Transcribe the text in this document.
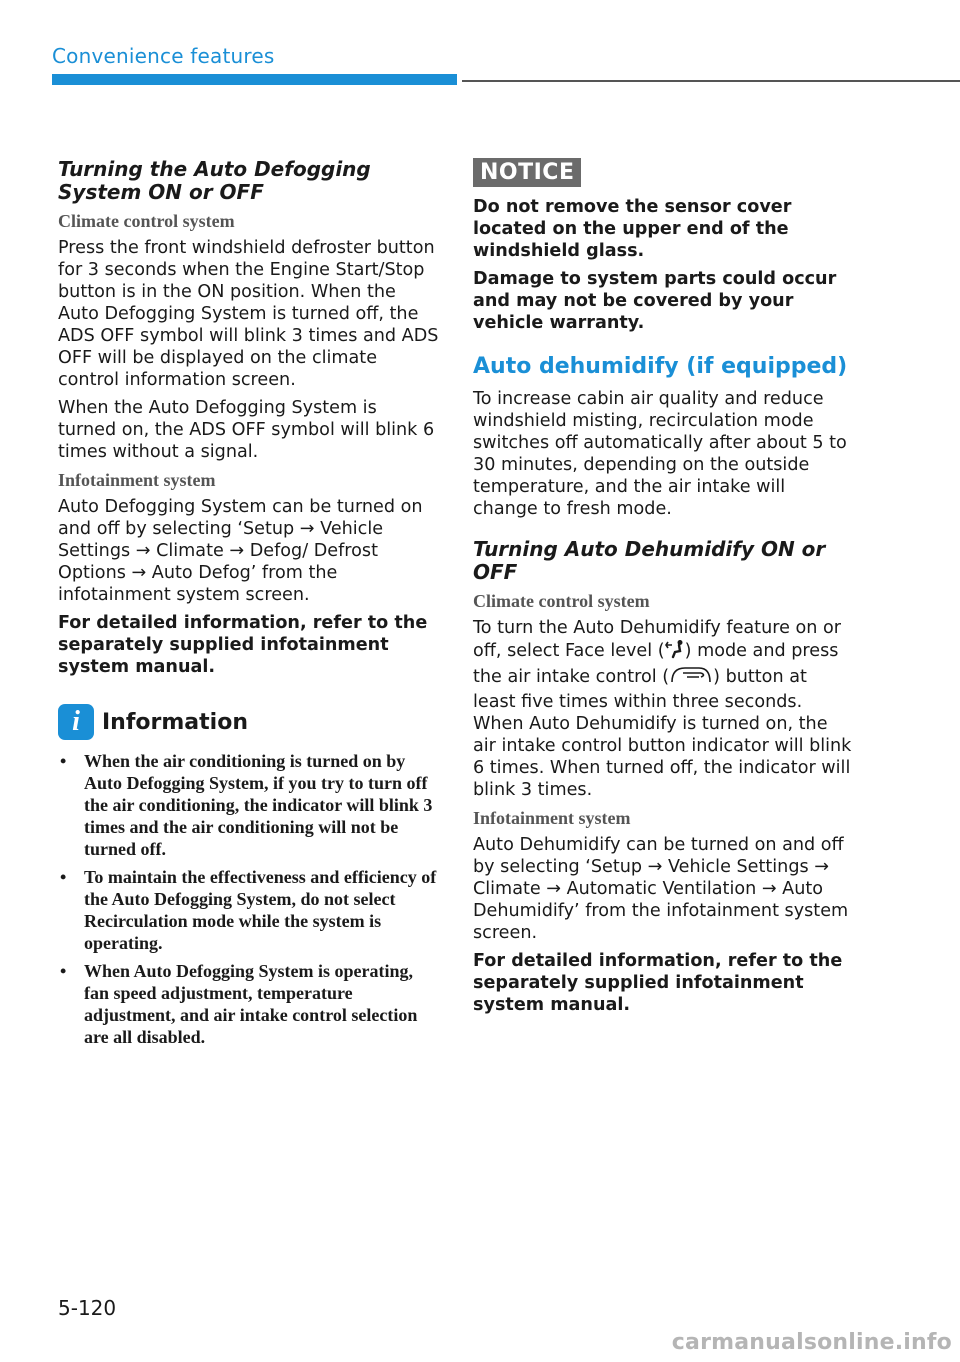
Convenience features
Turning the Auto Defogging System ON or OFF
Climate control system

Press the front windshield defroster button for 3 seconds when the Engine Start/Stop button is in the ON position. When the Auto Defogging System is turned off, the ADS OFF symbol will blink 3 times and ADS OFF will be displayed on the climate control information screen.

When the Auto Defogging System is turned on, the ADS OFF symbol will blink 6 times without a signal.

Infotainment system

Auto Defogging System can be turned on and off by selecting ‘Setup → Vehicle Settings → Climate → Defog/ Defrost Options → Auto Defog’ from the infotainment system screen.

For detailed information, refer to the separately supplied infotainment system manual.

i	Information
• When the air conditioning is turned on by Auto Defogging System, if you try to turn off the air conditioning, the indicator will blink 3 times and the air conditioning will not be turned off.
• To maintain the effectiveness and efficiency of the Auto Defogging System, do not select Recirculation mode while the system is operating.
• When Auto Defogging System is operating, fan speed adjustment, temperature adjustment, and air intake control selection are all disabled.
NOTICE

Do not remove the sensor cover located on the upper end of the windshield glass.

Damage to system parts could occur and may not be covered by your vehicle warranty.

Auto dehumidify (if equipped)

To increase cabin air quality and reduce windshield misting, recirculation mode switches off automatically after about 5 to 30 minutes, depending on the outside temperature, and the air intake will change to fresh mode.

Turning Auto Dehumidify ON or OFF
Climate control system

To turn the Auto Dehumidify feature on or off, select Face level ( ) mode and press the air intake control (	) button at least five times within three seconds. When Auto Dehumidify is turned on, the air intake control button indicator will blink 6 times. When turned off, the indicator will blink 3 times.

Infotainment system

Auto Dehumidify can be turned on and off by selecting ‘Setup → Vehicle Settings → Climate → Automatic Ventilation → Auto Dehumidify’ from the infotainment system screen.

For detailed information, refer to the separately supplied infotainment system manual.

5-120
carmanualsonline.info
